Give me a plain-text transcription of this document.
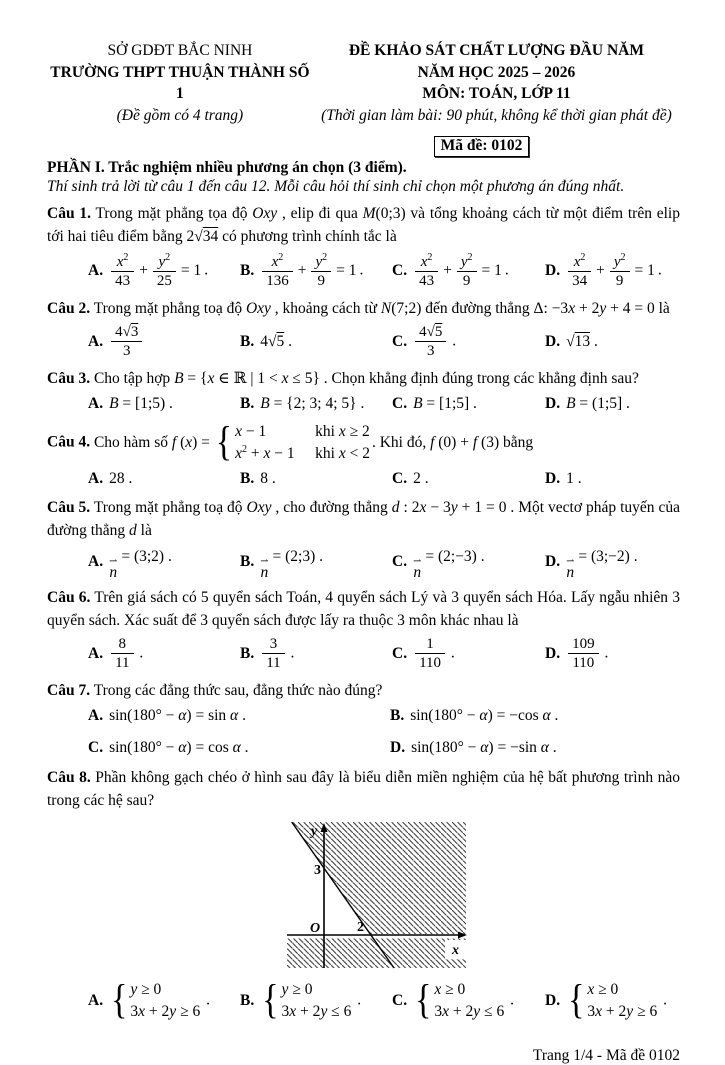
SỞ GDĐT BẮC NINH
TRƯỜNG THPT THUẬN THÀNH SỐ 1
(Đề gồm có 4 trang)
ĐỀ KHẢO SÁT CHẤT LƯỢNG ĐẦU NĂM
NĂM HỌC 2025 – 2026
MÔN: TOÁN, LỚP 11
(Thời gian làm bài: 90 phút, không kể thời gian phát đề)
Mã đề: 0102
PHẦN I. Trắc nghiệm nhiều phương án chọn (3 điểm).
Thí sinh trả lời từ câu 1 đến câu 12. Mỗi câu hỏi thí sinh chỉ chọn một phương án đúng nhất.

Câu 1. Trong mặt phẳng tọa độ Oxy , elip đi qua M(0;3) và tổng khoảng cách từ một điểm trên elip tới hai tiêu điểm bằng 2√34 có phương trình chính tắc là

A. $\frac{x^2}{43} + \frac{y^2}{25} = 1$ . B. $\frac{x^2}{136} + \frac{y^2}{9} = 1$ . C. $\frac{x^2}{43} + \frac{y^2}{9} = 1$ . D. $\frac{x^2}{34} + \frac{y^2}{9} = 1$ .

Câu 2. Trong mặt phẳng toạ độ Oxy , khoảng cách từ N(7;2) đến đường thẳng Δ: −3x + 2y + 4 = 0 là

A. $\frac{4√3}{3}$	B. 4√5 .	C. $\frac{4√5}{3}$ .	D. √13 .

Câu 3. Cho tập hợp B = {x ∈ ℝ | 1 < x ≤ 5} . Chọn khẳng định đúng trong các khẳng định sau?

A. B = [1;5) .	B. B = {2; 3; 4; 5} . C. B = [1;5] .	D. B = (1;5] .

Câu 4. Cho hàm số f (x) = { x − 1	khi x ≥ 2
$x^2 + x - 1$ khi x < 2
. Khi đó, f (0) + f (3) bằng

A. 28 .	B. 8 .	C. 2 .	D. 1 .

Câu 5. Trong mặt phẳng toạ độ Oxy , cho đường thẳng d : 2x − 3y + 1 = 0 . Một vectơ pháp tuyến của đường thẳng d là

A. ⇀
n
= (3;2) .	B. ⇀
n
= (2;3) .	C. ⇀
n
= (2;−3) .	D. ⇀
n
= (3;−2) .

Câu 6. Trên giá sách có 5 quyển sách Toán, 4 quyển sách Lý và 3 quyển sách Hóa. Lấy ngẫu nhiên 3 quyển sách. Xác suất để 3 quyển sách được lấy ra thuộc 3 môn khác nhau là

A. $\frac{8}{11}$ .	B. $\frac{3}{11}$ .	C. $\frac{1}{110}$ .	D. $\frac{109}{110}$ .

Câu 7. Trong các đẳng thức sau, đẳng thức nào đúng?

A. sin(180° − α) = sin α .	B. sin(180° − α) = −cos α .
C. sin(180° − α) = cos α .	D. sin(180° − α) = −sin α .

Câu 8. Phần không gạch chéo ở hình sau đây là biểu diễn miền nghiệm của hệ bất phương trình nào trong các hệ sau?

y
x
O
3
2
A. { y ≥ 0
3x + 2y ≥ 6
. B. { y ≥ 0
3x + 2y ≤ 6
. C. { x ≥ 0
3x + 2y ≤ 6
. D. { x ≥ 0
3x + 2y ≥ 6
.
Trang 1/4 - Mã đề 0102
